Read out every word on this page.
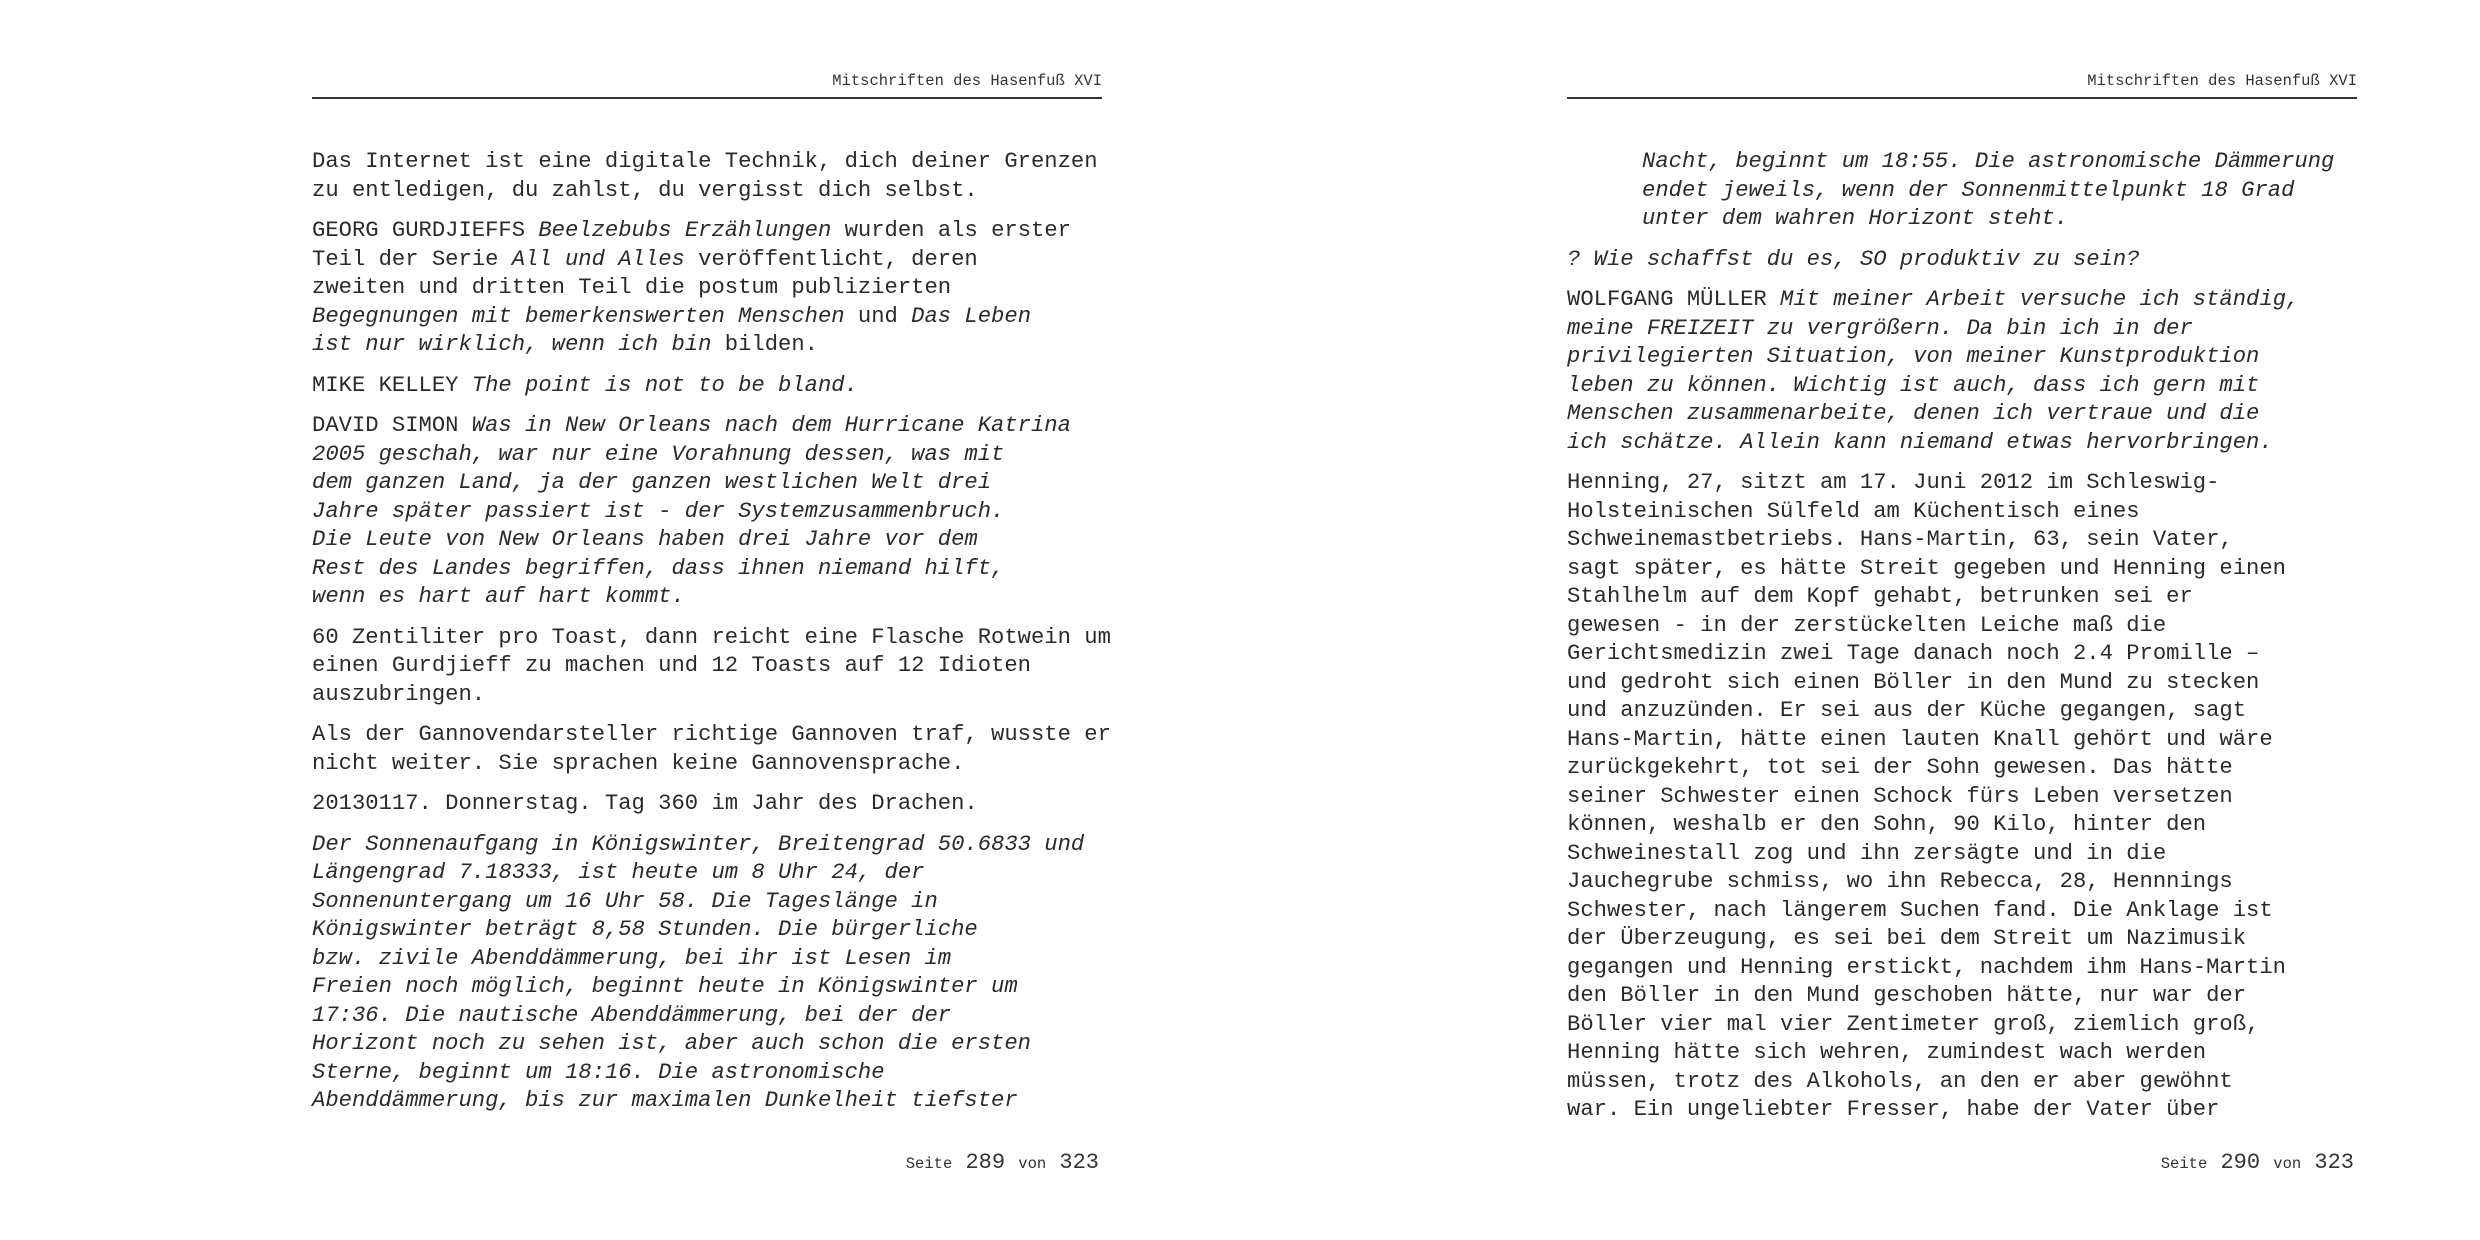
Mitschriften des Hasenfuß XVI

Das Internet ist eine digitale Technik, dich deiner Grenzen
zu entledigen, du zahlst, du vergisst dich selbst.

GEORG GURDJIEFFS Beelzebubs Erzählungen wurden als erster
Teil der Serie All und Alles veröffentlicht, deren
zweiten und dritten Teil die postum publizierten
Begegnungen mit bemerkenswerten Menschen und Das Leben
ist nur wirklich, wenn ich bin bilden.

MIKE KELLEY The point is not to be bland.

DAVID SIMON Was in New Orleans nach dem Hurricane Katrina
2005 geschah, war nur eine Vorahnung dessen, was mit
dem ganzen Land, ja der ganzen westlichen Welt drei
Jahre später passiert ist - der Systemzusammenbruch.
Die Leute von New Orleans haben drei Jahre vor dem
Rest des Landes begriffen, dass ihnen niemand hilft,
wenn es hart auf hart kommt.

60 Zentiliter pro Toast, dann reicht eine Flasche Rotwein um
einen Gurdjieff zu machen und 12 Toasts auf 12 Idioten
auszubringen.

Als der Gannovendarsteller richtige Gannoven traf, wusste er
nicht weiter. Sie sprachen keine Gannovensprache.

20130117. Donnerstag. Tag 360 im Jahr des Drachen.

Der Sonnenaufgang in Königswinter, Breitengrad 50.6833 und
Längengrad 7.18333, ist heute um 8 Uhr 24, der
Sonnenuntergang um 16 Uhr 58. Die Tageslänge in
Königswinter beträgt 8,58 Stunden. Die bürgerliche
bzw. zivile Abenddämmerung, bei ihr ist Lesen im
Freien noch möglich, beginnt heute in Königswinter um
17:36. Die nautische Abenddämmerung, bei der der
Horizont noch zu sehen ist, aber auch schon die ersten
Sterne, beginnt um 18:16. Die astronomische
Abenddämmerung, bis zur maximalen Dunkelheit tiefster

Seite 289 von 323
Mitschriften des Hasenfuß XVI

Nacht, beginnt um 18:55. Die astronomische Dämmerung
endet jeweils, wenn der Sonnenmittelpunkt 18 Grad
unter dem wahren Horizont steht.

? Wie schaffst du es, SO produktiv zu sein?

WOLFGANG MÜLLER Mit meiner Arbeit versuche ich ständig,
meine FREIZEIT zu vergrößern. Da bin ich in der
privilegierten Situation, von meiner Kunstproduktion
leben zu können. Wichtig ist auch, dass ich gern mit
Menschen zusammenarbeite, denen ich vertraue und die
ich schätze. Allein kann niemand etwas hervorbringen.

Henning, 27, sitzt am 17. Juni 2012 im Schleswig-
Holsteinischen Sülfeld am Küchentisch eines
Schweinemastbetriebs. Hans-Martin, 63, sein Vater,
sagt später, es hätte Streit gegeben und Henning einen
Stahlhelm auf dem Kopf gehabt, betrunken sei er
gewesen - in der zerstückelten Leiche maß die
Gerichtsmedizin zwei Tage danach noch 2.4 Promille –
und gedroht sich einen Böller in den Mund zu stecken
und anzuzünden. Er sei aus der Küche gegangen, sagt
Hans-Martin, hätte einen lauten Knall gehört und wäre
zurückgekehrt, tot sei der Sohn gewesen. Das hätte
seiner Schwester einen Schock fürs Leben versetzen
können, weshalb er den Sohn, 90 Kilo, hinter den
Schweinestall zog und ihn zersägte und in die
Jauchegrube schmiss, wo ihn Rebecca, 28, Hennnings
Schwester, nach längerem Suchen fand. Die Anklage ist
der Überzeugung, es sei bei dem Streit um Nazimusik
gegangen und Henning erstickt, nachdem ihm Hans-Martin
den Böller in den Mund geschoben hätte, nur war der
Böller vier mal vier Zentimeter groß, ziemlich groß,
Henning hätte sich wehren, zumindest wach werden
müssen, trotz des Alkohols, an den er aber gewöhnt
war. Ein ungeliebter Fresser, habe der Vater über

Seite 290 von 323
